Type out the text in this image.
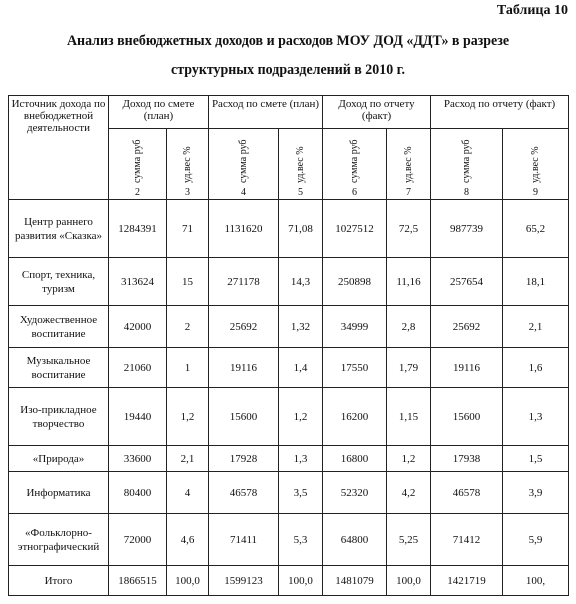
Таблица 10
Анализ внебюджетных доходов и расходов МОУ ДОД «ДДТ» в разрезе
структурных подразделений в 2010 г.
Источник дохода по внебюджетной деятельности	Доход по смете (план)		Расход по смете (план)		Доход по отчету (факт)		Расход по отчету (факт)	
	сумма руб	уд.вес %	сумма руб	уд.вес %	сумма руб	уд.вес %	сумма руб	уд.вес %
	2	3	4	5	6	7	8	9
Центр раннего развития «Сказка»	1284391	71	1131620	71,08	1027512	72,5	987739	65,2
Спорт, техника, туризм	313624	15	271178	14,3	250898	11,16	257654	18,1
Художественное воспитание	42000	2	25692	1,32	34999	2,8	25692	2,1
Музыкальное воспитание	21060	1	19116	1,4	17550	1,79	19116	1,6
Изо-прикладное творчество	19440	1,2	15600	1,2	16200	1,15	15600	1,3
«Природа»	33600	2,1	17928	1,3	16800	1,2	17938	1,5
Информатика	80400	4	46578	3,5	52320	4,2	46578	3,9
«Фольклорно-этнографический	72000	4,6	71411	5,3	64800	5,25	71412	5,9
Итого	1866515	100,0	1599123	100,0	1481079	100,0	1421719	100,
